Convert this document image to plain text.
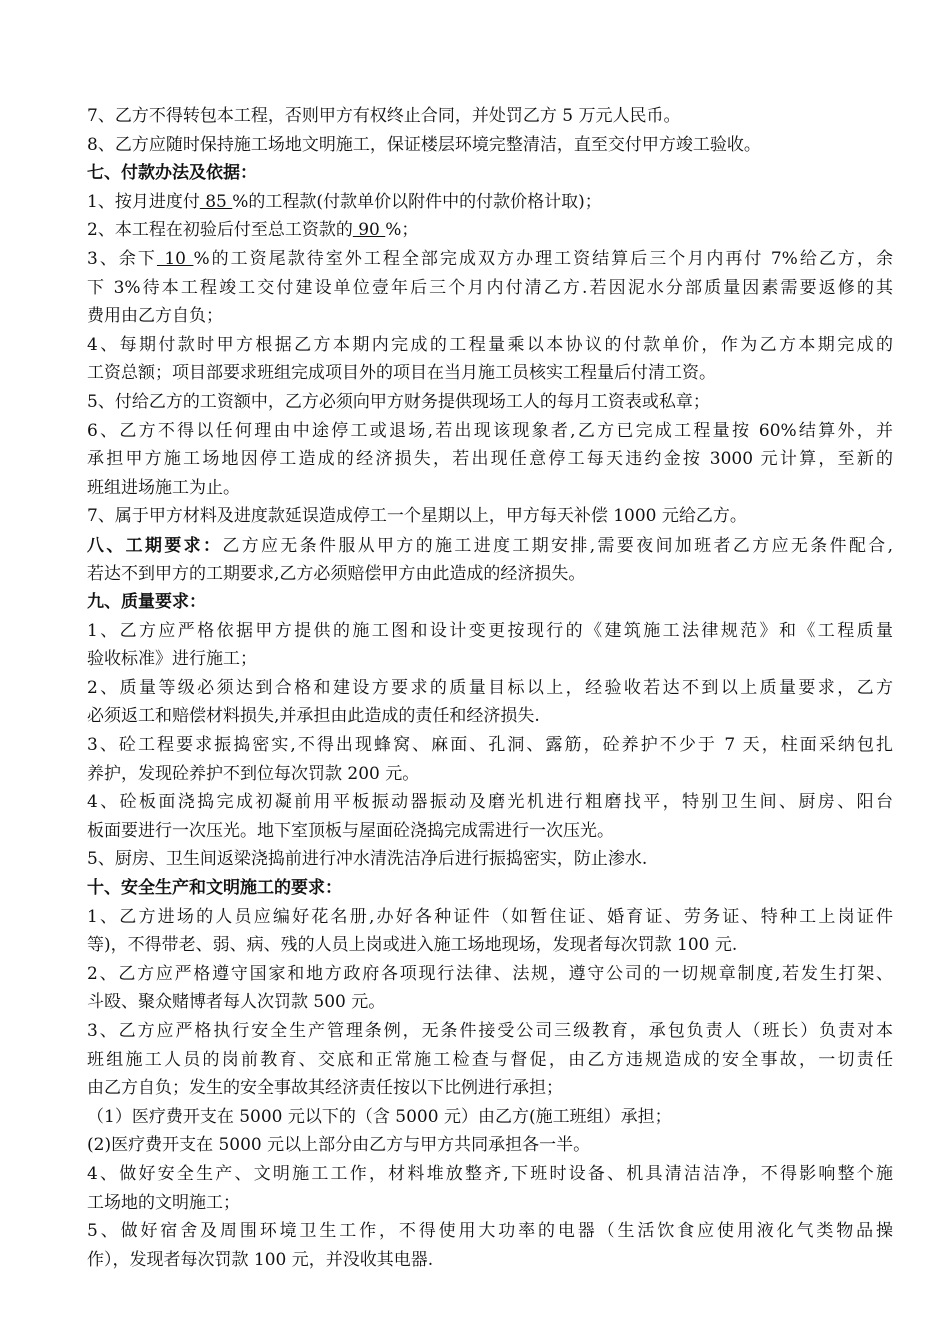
7、乙方不得转包本工程，否则甲方有权终止合同，并处罚乙方 5 万元人民币。
8、乙方应随时保持施工场地文明施工，保证楼层环境完整清洁，直至交付甲方竣工验收。
七、付款办法及依据：
1、按月进度付 85 %的工程款(付款单价以附件中的付款价格计取)；
2、本工程在初验后付至总工资款的 90 %；
3、余下 10 %的工资尾款待室外工程全部完成双方办理工资结算后三个月内再付 7%给乙方，余
下 3%待本工程竣工交付建设单位壹年后三个月内付清乙方.若因泥水分部质量因素需要返修的其
费用由乙方自负；
4、每期付款时甲方根据乙方本期内完成的工程量乘以本协议的付款单价，作为乙方本期完成的
工资总额；项目部要求班组完成项目外的项目在当月施工员核实工程量后付清工资。
5、付给乙方的工资额中，乙方必须向甲方财务提供现场工人的每月工资表或私章；
6、乙方不得以任何理由中途停工或退场,若出现该现象者,乙方已完成工程量按 60%结算外，并
承担甲方施工场地因停工造成的经济损失，若出现任意停工每天违约金按 3000 元计算，至新的
班组进场施工为止。
7、属于甲方材料及进度款延误造成停工一个星期以上，甲方每天补偿 1000 元给乙方。
八、工期要求：乙方应无条件服从甲方的施工进度工期安排,需要夜间加班者乙方应无条件配合,
若达不到甲方的工期要求,乙方必须赔偿甲方由此造成的经济损失。
九、质量要求：
1、乙方应严格依据甲方提供的施工图和设计变更按现行的《建筑施工法律规范》和《工程质量
验收标准》进行施工；
2、质量等级必须达到合格和建设方要求的质量目标以上，经验收若达不到以上质量要求，乙方
必须返工和赔偿材料损失,并承担由此造成的责任和经济损失.
3、砼工程要求振捣密实,不得出现蜂窝、麻面、孔洞、露筋，砼养护不少于 7 天，柱面采纳包扎
养护，发现砼养护不到位每次罚款 200 元。
4、砼板面浇捣完成初凝前用平板振动器振动及磨光机进行粗磨找平，特别卫生间、厨房、阳台
板面要进行一次压光。地下室顶板与屋面砼浇捣完成需进行一次压光。
5、厨房、卫生间返梁浇捣前进行冲水清洗洁净后进行振捣密实，防止渗水.
十、安全生产和文明施工的要求：
1、乙方进场的人员应编好花名册,办好各种证件（如暂住证、婚育证、劳务证、特种工上岗证件
等)，不得带老、弱、病、残的人员上岗或进入施工场地现场，发现者每次罚款 100 元.
2、乙方应严格遵守国家和地方政府各项现行法律、法规，遵守公司的一切规章制度,若发生打架、
斗殴、聚众赌博者每人次罚款 500 元。
3、乙方应严格执行安全生产管理条例，无条件接受公司三级教育，承包负责人（班长）负责对本
班组施工人员的岗前教育、交底和正常施工检查与督促，由乙方违规造成的安全事故，一切责任
由乙方自负；发生的安全事故其经济责任按以下比例进行承担；
（1）医疗费开支在 5000 元以下的（含 5000 元）由乙方(施工班组）承担；
(2)医疗费开支在 5000 元以上部分由乙方与甲方共同承担各一半。
4、做好安全生产、文明施工工作，材料堆放整齐,下班时设备、机具清洁洁净，不得影响整个施
工场地的文明施工；
5、做好宿舍及周围环境卫生工作，不得使用大功率的电器（生活饮食应使用液化气类物品操
作），发现者每次罚款 100 元，并没收其电器.
